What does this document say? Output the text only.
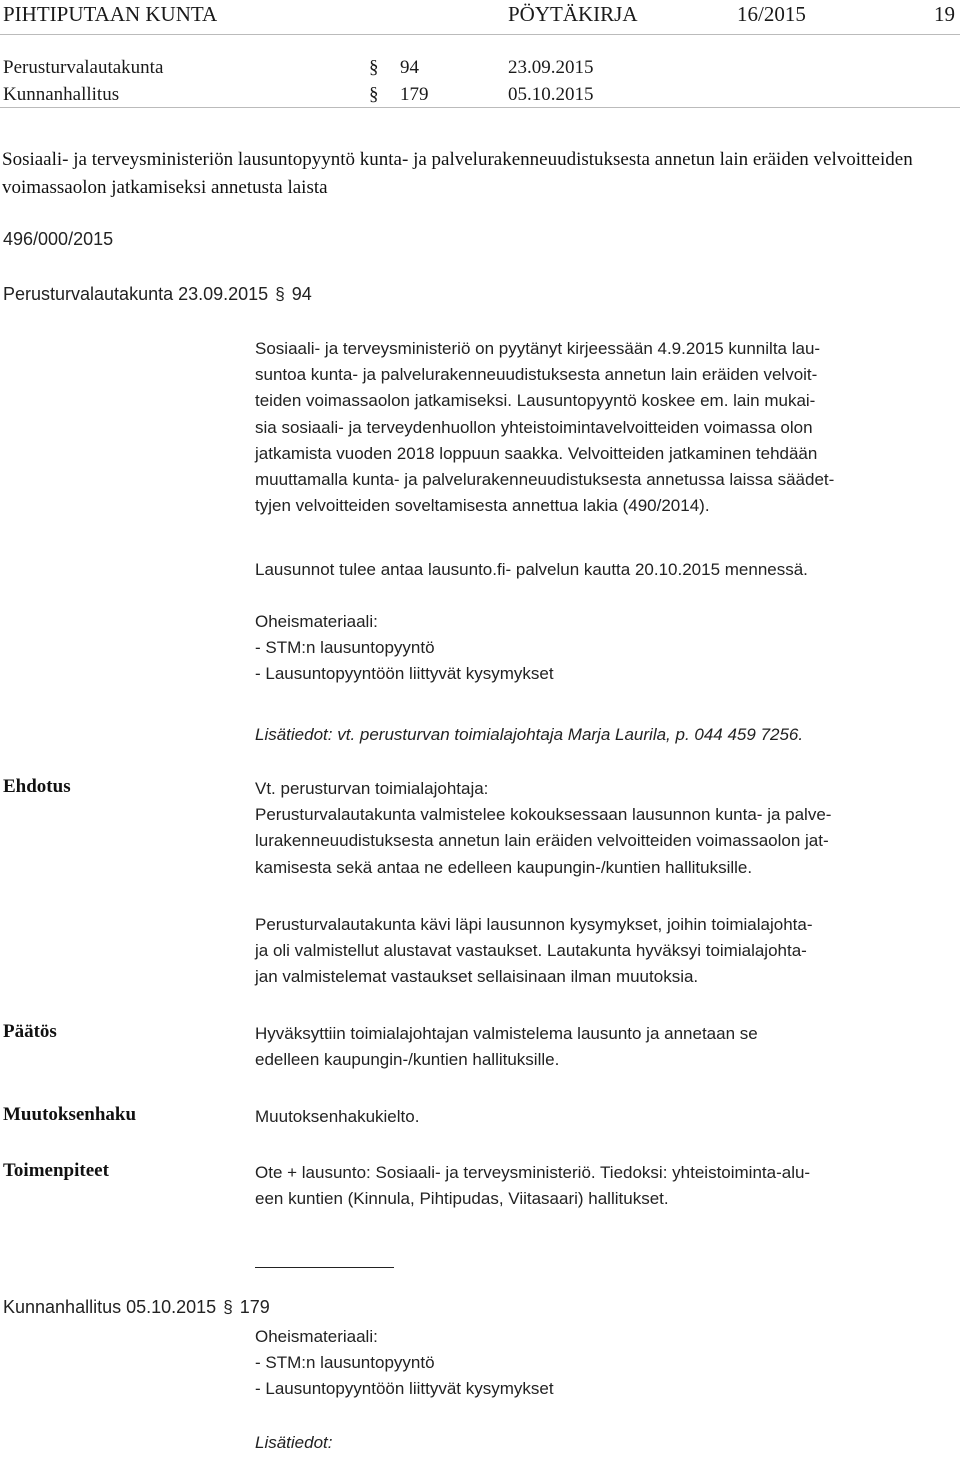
PIHTIPUTAAN KUNTA	PÖYTÄKIRJA	16/2015	19
Perusturvalautakunta	§ 94	23.09.2015
Kunnanhallitus	§ 179	05.10.2015
Sosiaali- ja terveysministeriön lausuntopyyntö kunta- ja palvelurakenneuudistuksesta annetun lain eräiden velvoitteiden voimassaolon jatkamiseksi annetusta laista
496/000/2015
Perusturvalautakunta 23.09.2015 § 94
Sosiaali- ja terveysministeriö on pyytänyt kirjeessään 4.9.2015 kunnilta lau-
suntoa kunta- ja palvelurakenneuudistuksesta annetun lain eräiden velvoit-
teiden voimassaolon jatkamiseksi. Lausuntopyyntö koskee em. lain mukai-
sia sosiaali- ja terveydenhuollon yhteistoimintavelvoitteiden voimassa olon
jatkamista vuoden 2018 loppuun saakka. Velvoitteiden jatkaminen tehdään
muuttamalla kunta- ja palvelurakenneuudistuksesta annetussa laissa säädet-
tyjen velvoitteiden soveltamisesta annettua lakia (490/2014).
Lausunnot tulee antaa lausunto.fi- palvelun kautta 20.10.2015 mennessä.
Oheismateriaali:
- STM:n lausuntopyyntö
- Lausuntopyyntöön liittyvät kysymykset
Lisätiedot: vt. perusturvan toimialajohtaja Marja Laurila, p. 044 459 7256.
Ehdotus	Vt. perusturvan toimialajohtaja:
Perusturvalautakunta valmistelee kokouksessaan lausunnon kunta- ja palve-
lurakenneuudistuksesta annetun lain eräiden velvoitteiden voimassaolon jat-
kamisesta sekä antaa ne edelleen kaupungin-/kuntien hallituksille.
Perusturvalautakunta kävi läpi lausunnon kysymykset, joihin toimialajohta-
ja oli valmistellut alustavat vastaukset. Lautakunta hyväksyi toimialajohta-
jan valmistelemat vastaukset sellaisinaan ilman muutoksia.
Päätös	Hyväksyttiin toimialajohtajan valmistelema lausunto ja annetaan se
edelleen kaupungin-/kuntien hallituksille.
Muutoksenhaku	Muutoksenhakukielto.
Toimenpiteet	Ote + lausunto: Sosiaali- ja terveysministeriö. Tiedoksi: yhteistoiminta-alu-
een kuntien (Kinnula, Pihtipudas, Viitasaari) hallitukset.
Kunnanhallitus 05.10.2015 § 179
Oheismateriaali:
- STM:n lausuntopyyntö
- Lausuntopyyntöön liittyvät kysymykset
Lisätiedot:
